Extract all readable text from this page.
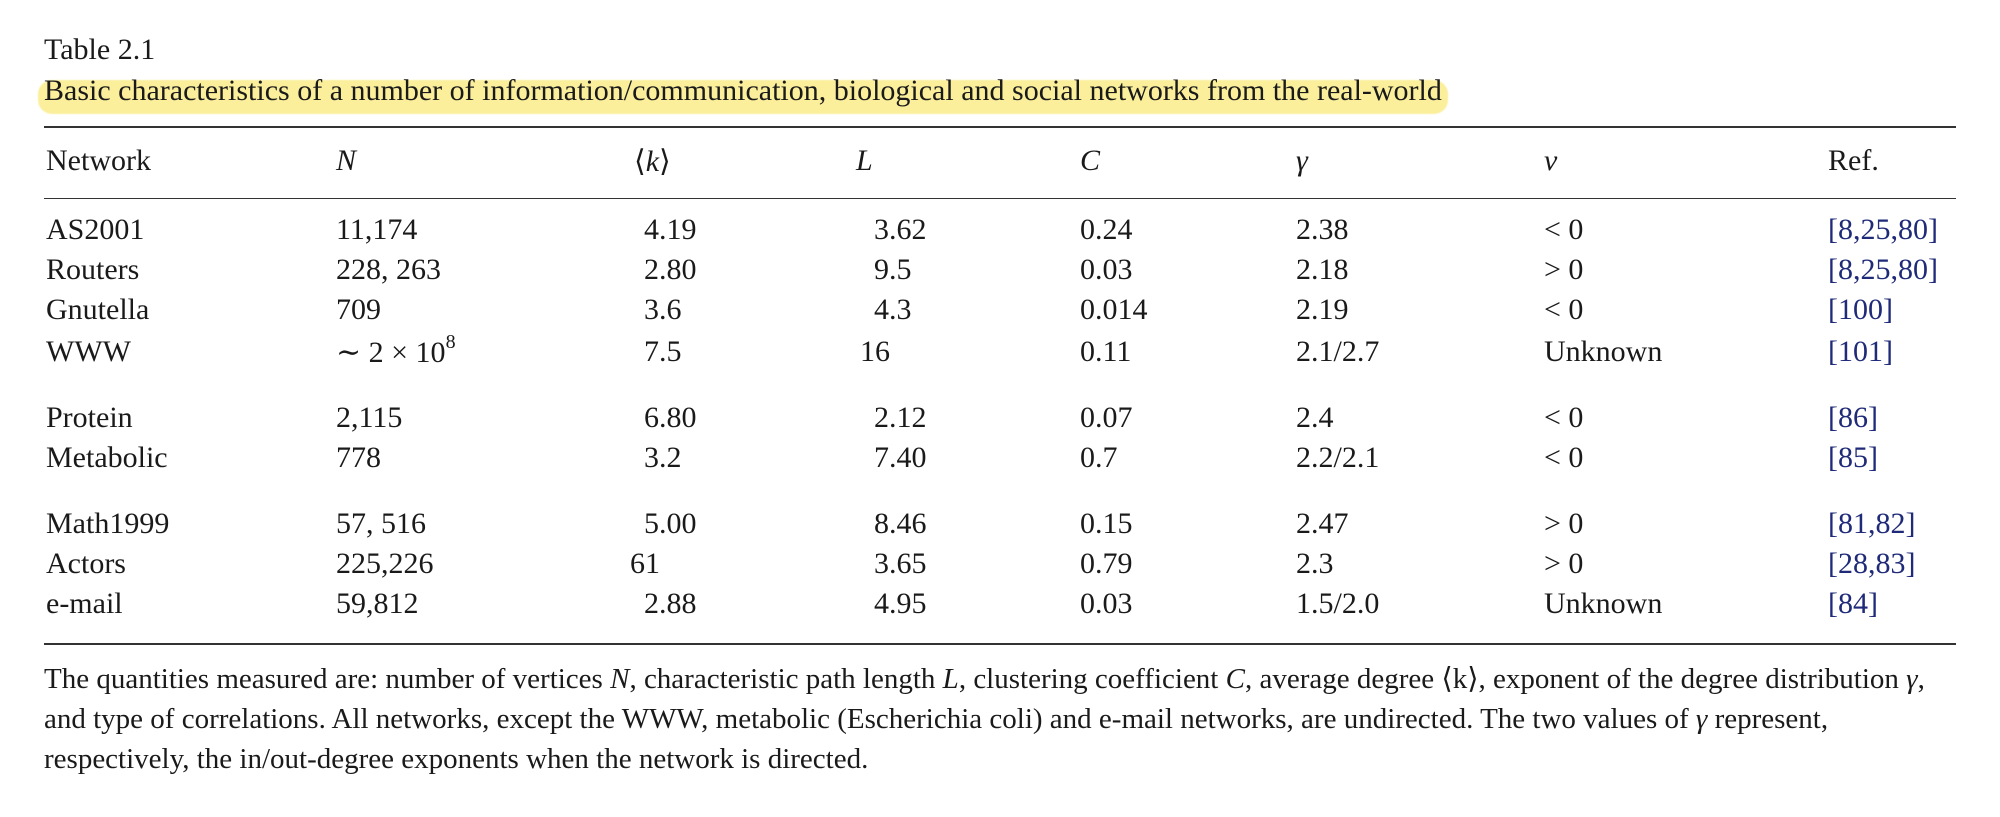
Table 2.1
Basic characteristics of a number of information/communication, biological and social networks from the real-world
Network	N	⟨k⟩	L	C	γ	ν	Ref.
AS2001	11,174	4.19	3.62	0.24	2.38	< 0	[8,25,80]
Routers	228, 263	2.80	9.5	0.03	2.18	> 0	[8,25,80]
Gnutella	709	3.6	4.3	0.014	2.19	< 0	[100]
WWW	∼ $2 \times 10^8$	7.5	16	0.11	2.1/2.7	Unknown	[101]
Protein	2,115	6.80	2.12	0.07	2.4	< 0	[86]
Metabolic	778	3.2	7.40	0.7	2.2/2.1	< 0	[85]
Math1999	57, 516	5.00	8.46	0.15	2.47	> 0	[81,82]
Actors	225,226	61	3.65	0.79	2.3	> 0	[28,83]
e-mail	59,812	2.88	4.95	0.03	1.5/2.0	Unknown	[84]
The quantities measured are: number of vertices N, characteristic path length L, clustering coefficient C, average degree ⟨k⟩, exponent of the degree distribution γ, and type of correlations. All networks, except the WWW, metabolic (Escherichia coli) and e-mail networks, are undirected. The two values of γ represent, respectively, the in/out-degree exponents when the network is directed.
